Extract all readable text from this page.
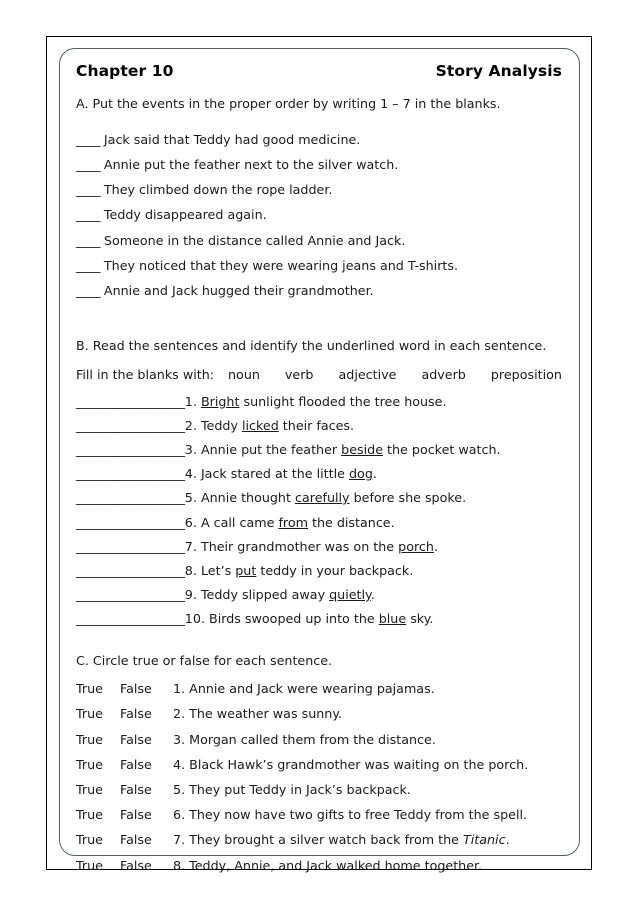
Chapter 10	Story Analysis
A. Put the events in the proper order by writing 1 – 7 in the blanks.
____ Jack said that Teddy had good medicine.
____ Annie put the feather next to the silver watch.
____ They climbed down the rope ladder.
____ Teddy disappeared again.
____ Someone in the distance called Annie and Jack.
____ They noticed that they were wearing jeans and T-shirts.
____ Annie and Jack hugged their grandmother.
B. Read the sentences and identify the underlined word in each sentence.
Fill in the blanks with: noun verb adjective adverb preposition
__________________ 1. Bright sunlight flooded the tree house.
__________________ 2. Teddy licked their faces.
__________________ 3. Annie put the feather beside the pocket watch.
__________________ 4. Jack stared at the little dog.
__________________ 5. Annie thought carefully before she spoke.
__________________ 6. A call came from the distance.
__________________ 7. Their grandmother was on the porch.
__________________ 8. Let’s put teddy in your backpack.
__________________ 9. Teddy slipped away quietly.
__________________ 10. Birds swooped up into the blue sky.
C. Circle true or false for each sentence.
True	False	1. Annie and Jack were wearing pajamas.
True	False	2. The weather was sunny.
True	False	3. Morgan called them from the distance.
True	False	4. Black Hawk’s grandmother was waiting on the porch.
True	False	5. They put Teddy in Jack’s backpack.
True	False	6. They now have two gifts to free Teddy from the spell.
True	False	7. They brought a silver watch back from the Titanic.
True	False	8. Teddy, Annie, and Jack walked home together.
